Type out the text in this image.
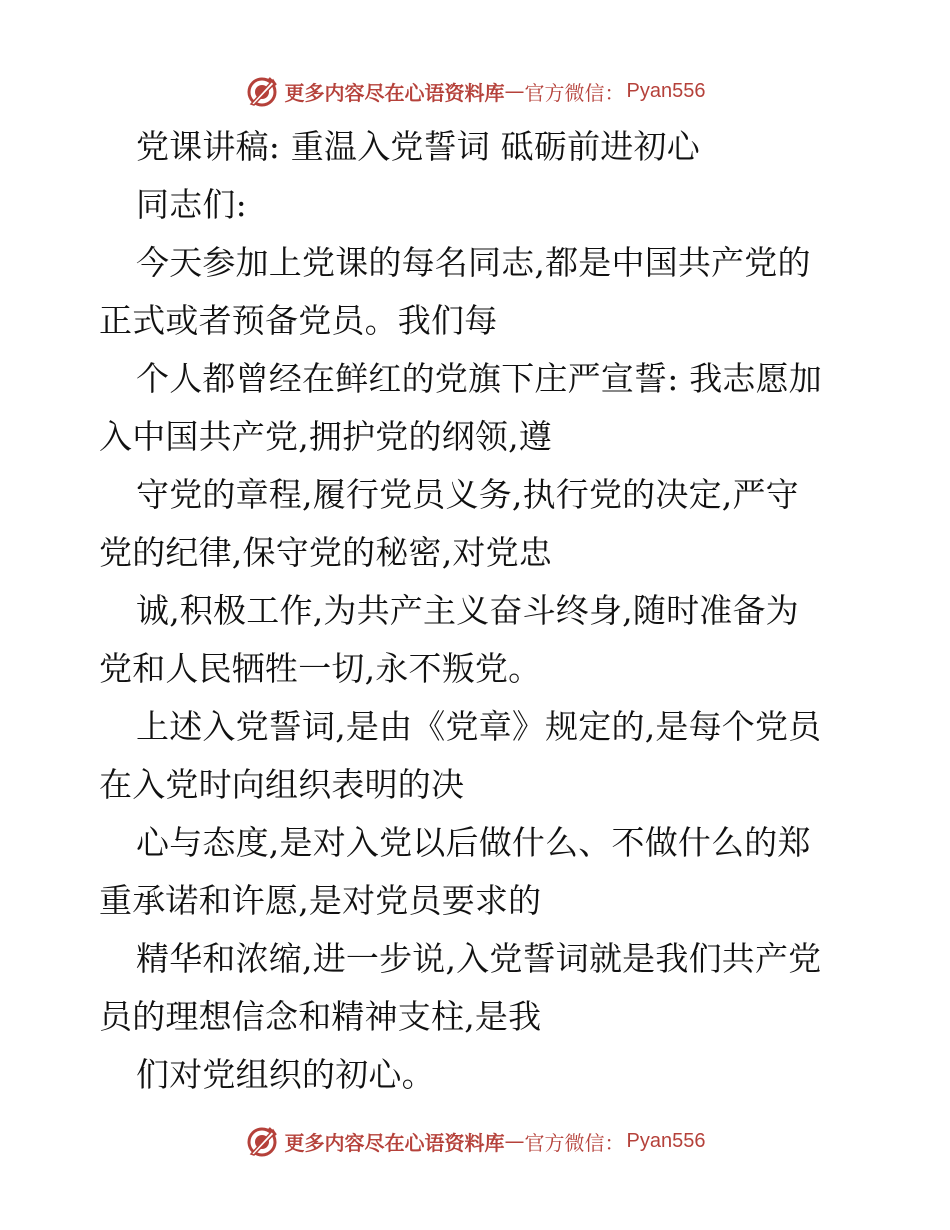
更多内容尽在心语资料库 — 官方微信： Pyan556
党课讲稿: 重温入党誓词 砥砺前进初心
同志们:
今天参加上党课的每名同志,都是中国共产党的
正式或者预备党员。我们每
个人都曾经在鲜红的党旗下庄严宣誓: 我志愿加
入中国共产党,拥护党的纲领,遵
守党的章程,履行党员义务,执行党的决定,严守
党的纪律,保守党的秘密,对党忠
诚,积极工作,为共产主义奋斗终身,随时准备为
党和人民牺牲一切,永不叛党。
上述入党誓词,是由《党章》规定的,是每个党员
在入党时向组织表明的决
心与态度,是对入党以后做什么、不做什么的郑
重承诺和许愿,是对党员要求的
精华和浓缩,进一步说,入党誓词就是我们共产党
员的理想信念和精神支柱,是我
们对党组织的初心。
更多内容尽在心语资料库 — 官方微信： Pyan556
